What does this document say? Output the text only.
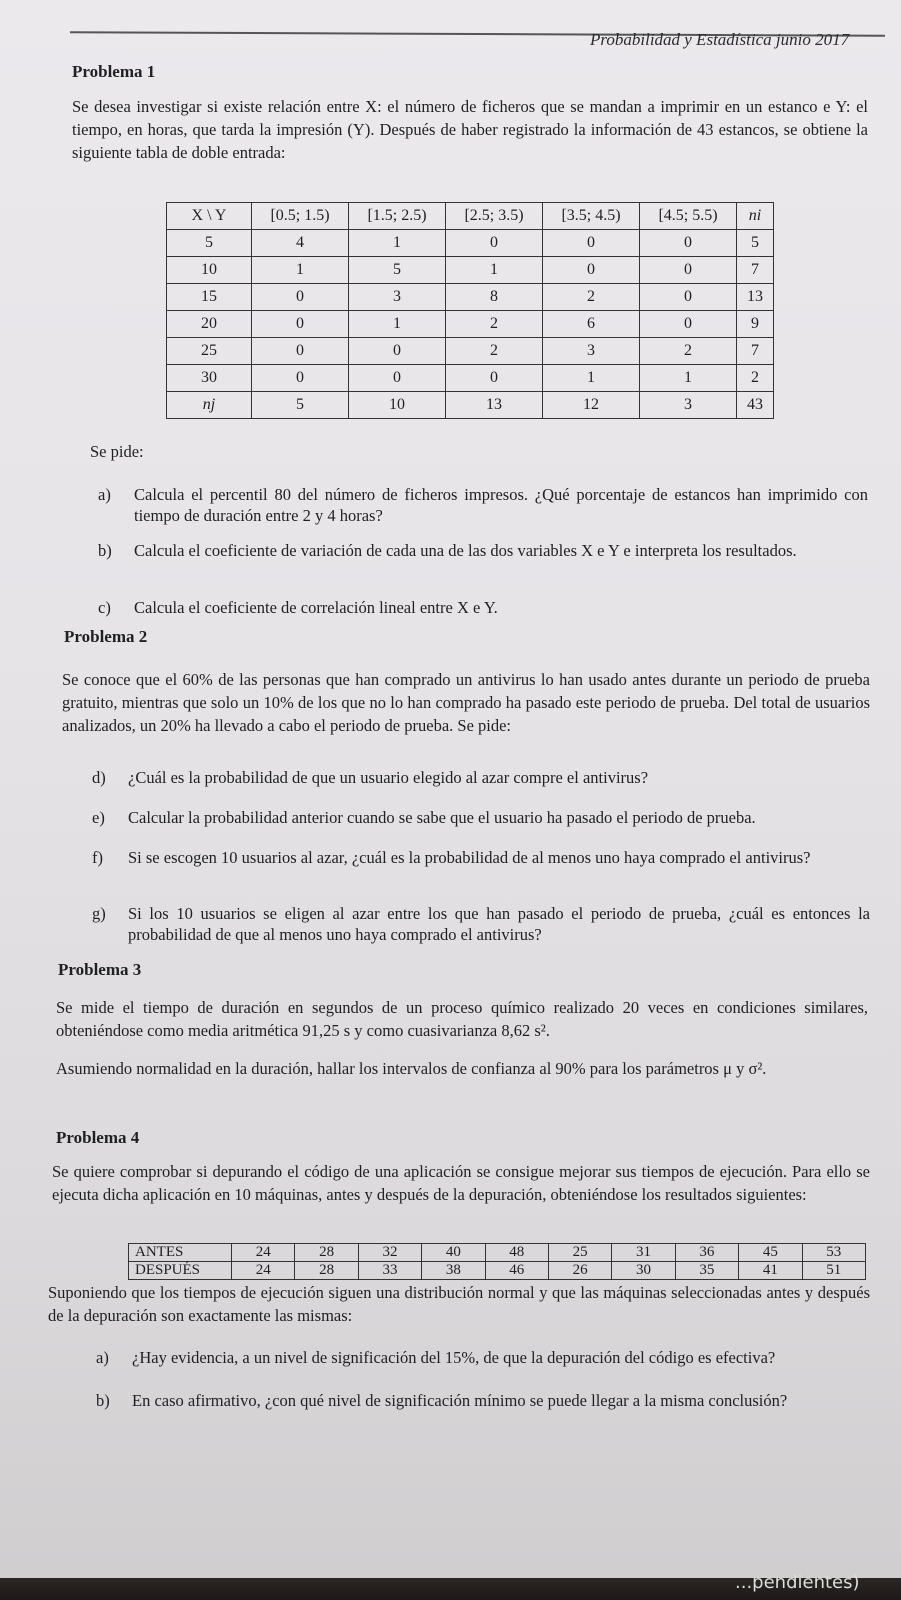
Probabilidad y Estadística junio 2017
Problema 1
Se desea investigar si existe relación entre X: el número de ficheros que se mandan a imprimir en un estanco e Y: el tiempo, en horas, que tarda la impresión (Y). Después de haber registrado la información de 43 estancos, se obtiene la siguiente tabla de doble entrada:
X \ Y	[0.5; 1.5)	[1.5; 2.5)	[2.5; 3.5)	[3.5; 4.5)	[4.5; 5.5)	ni
5	4	1	0	0	0	5
10	1	5	1	0	0	7
15	0	3	8	2	0	13
20	0	1	2	6	0	9
25	0	0	2	3	2	7
30	0	0	0	1	1	2
nj	5	10	13	12	3	43
Se pide:
a) Calcula el percentil 80 del número de ficheros impresos. ¿Qué porcentaje de estancos han imprimido con tiempo de duración entre 2 y 4 horas?
b) Calcula el coeficiente de variación de cada una de las dos variables X e Y e interpreta los resultados.
c) Calcula el coeficiente de correlación lineal entre X e Y.
Problema 2
Se conoce que el 60% de las personas que han comprado un antivirus lo han usado antes durante un periodo de prueba gratuito, mientras que solo un 10% de los que no lo han comprado ha pasado este periodo de prueba. Del total de usuarios analizados, un 20% ha llevado a cabo el periodo de prueba. Se pide:
d) ¿Cuál es la probabilidad de que un usuario elegido al azar compre el antivirus?
e) Calcular la probabilidad anterior cuando se sabe que el usuario ha pasado el periodo de prueba.
f) Si se escogen 10 usuarios al azar, ¿cuál es la probabilidad de al menos uno haya comprado el antivirus?
g) Si los 10 usuarios se eligen al azar entre los que han pasado el periodo de prueba, ¿cuál es entonces la probabilidad de que al menos uno haya comprado el antivirus?
Problema 3
Se mide el tiempo de duración en segundos de un proceso químico realizado 20 veces en condiciones similares, obteniéndose como media aritmética 91,25 s y como cuasivarianza 8,62 s².
Asumiendo normalidad en la duración, hallar los intervalos de confianza al 90% para los parámetros μ y σ².
Problema 4
Se quiere comprobar si depurando el código de una aplicación se consigue mejorar sus tiempos de ejecución. Para ello se ejecuta dicha aplicación en 10 máquinas, antes y después de la depuración, obteniéndose los resultados siguientes:
ANTES	24	28	32	40	48	25	31	36	45	53
DESPUÉS	24	28	33	38	46	26	30	35	41	51
Suponiendo que los tiempos de ejecución siguen una distribución normal y que las máquinas seleccionadas antes y después de la depuración son exactamente las mismas:
a) ¿Hay evidencia, a un nivel de significación del 15%, de que la depuración del código es efectiva?
b) En caso afirmativo, ¿con qué nivel de significación mínimo se puede llegar a la misma conclusión?
...pendientes)
